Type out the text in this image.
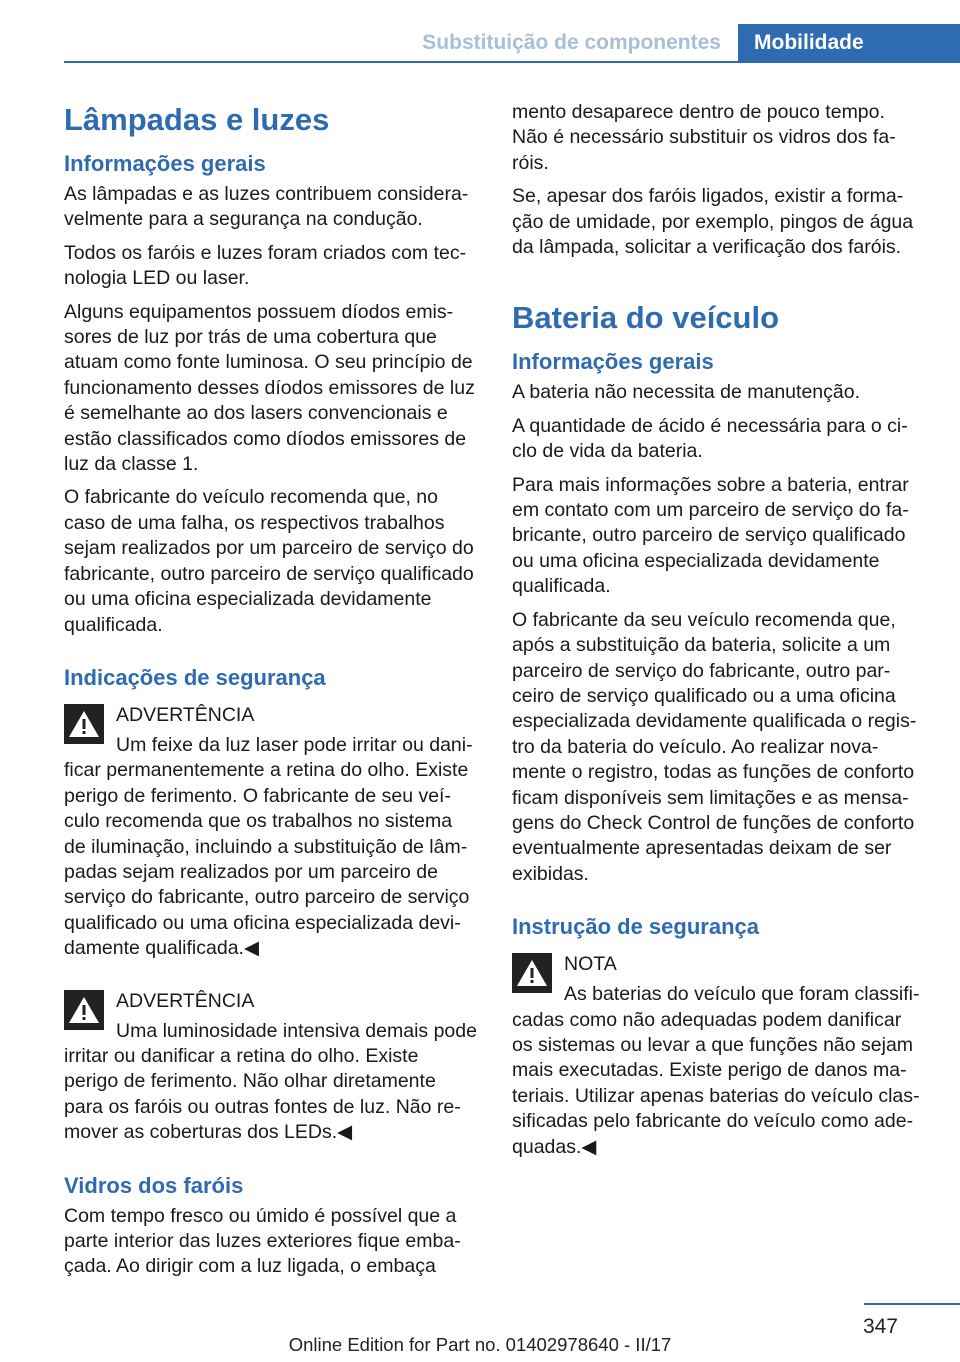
Substituição de componentes	Mobilidade
Lâmpadas e luzes
Informações gerais

As lâmpadas e as luzes contribuem consideravelmente para a segurança na condução.

Todos os faróis e luzes foram criados com tecnologia LED ou laser.

Alguns equipamentos possuem díodos emissores de luz por trás de uma cobertura que atuam como fonte luminosa. O seu princípio de funcionamento desses díodos emissores de luz é semelhante ao dos lasers convencionais e estão classificados como díodos emissores de luz da classe 1.

O fabricante do veículo recomenda que, no caso de uma falha, os respectivos trabalhos sejam realizados por um parceiro de serviço do fabricante, outro parceiro de serviço qualificado ou uma oficina especializada devidamente qualificada.

Indicações de segurança
ADVERTÊNCIA
Um feixe da luz laser pode irritar ou danificar permanentemente a retina do olho. Existe perigo de ferimento. O fabricante de seu veículo recomenda que os trabalhos no sistema de iluminação, incluindo a substituição de lâmpadas sejam realizados por um parceiro de serviço do fabricante, outro parceiro de serviço qualificado ou uma oficina especializada devidamente qualificada.◀
ADVERTÊNCIA
Uma luminosidade intensiva demais pode irritar ou danificar a retina do olho. Existe perigo de ferimento. Não olhar diretamente para os faróis ou outras fontes de luz. Não remover as coberturas dos LEDs.◀
Vidros dos faróis

Com tempo fresco ou úmido é possível que a parte interior das luzes exteriores fique embaçada. Ao dirigir com a luz ligada, o embaça

mento desaparece dentro de pouco tempo. Não é necessário substituir os vidros dos faróis.

Se, apesar dos faróis ligados, existir a formação de umidade, por exemplo, pingos de água da lâmpada, solicitar a verificação dos faróis.

Bateria do veículo
Informações gerais

A bateria não necessita de manutenção.

A quantidade de ácido é necessária para o ciclo de vida da bateria.

Para mais informações sobre a bateria, entrar em contato com um parceiro de serviço do fabricante, outro parceiro de serviço qualificado ou uma oficina especializada devidamente qualificada.

O fabricante da seu veículo recomenda que, após a substituição da bateria, solicite a um parceiro de serviço do fabricante, outro parceiro de serviço qualificado ou a uma oficina especializada devidamente qualificada o registro da bateria do veículo. Ao realizar novamente o registro, todas as funções de conforto ficam disponíveis sem limitações e as mensagens do Check Control de funções de conforto eventualmente apresentadas deixam de ser exibidas.

Instrução de segurança
NOTA
As baterias do veículo que foram classificadas como não adequadas podem danificar os sistemas ou levar a que funções não sejam mais executadas. Existe perigo de danos materiais. Utilizar apenas baterias do veículo classificadas pelo fabricante do veículo como adequadas.◀
347
Online Edition for Part no. 01402978640 - II/17
